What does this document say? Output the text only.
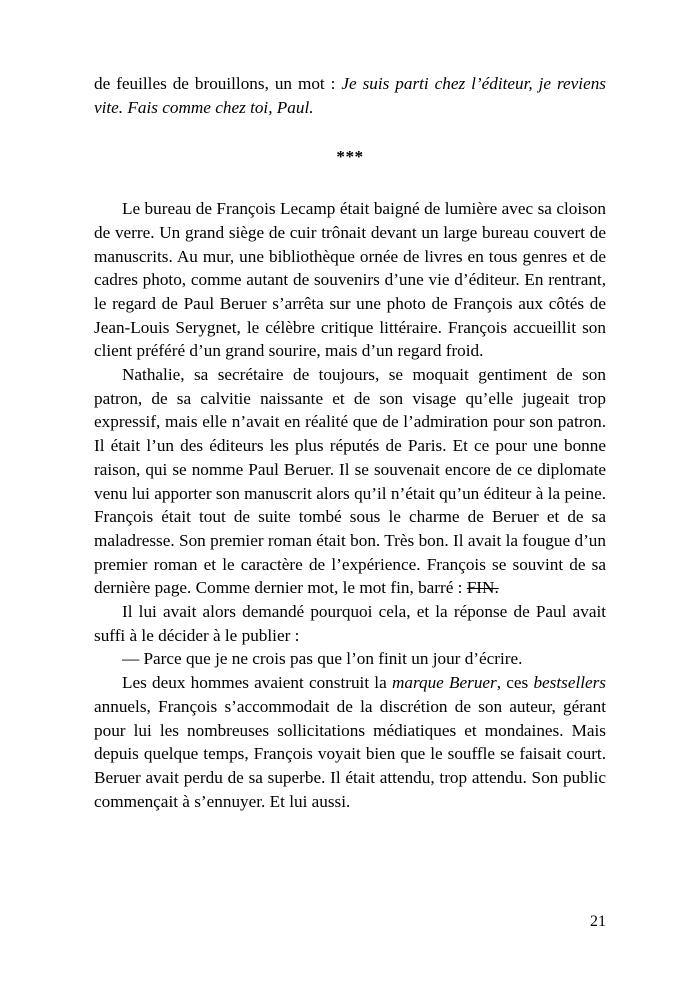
de feuilles de brouillons, un mot : Je suis parti chez l’éditeur, je reviens vite. Fais comme chez toi, Paul.

***

Le bureau de François Lecamp était baigné de lumière avec sa cloison de verre. Un grand siège de cuir trônait devant un large bureau couvert de manuscrits. Au mur, une bibliothèque ornée de livres en tous genres et de cadres photo, comme autant de souvenirs d’une vie d’éditeur. En rentrant, le regard de Paul Beruer s’arrêta sur une photo de François aux côtés de Jean-Louis Serygnet, le célèbre critique littéraire. François accueillit son client préféré d’un grand sourire, mais d’un regard froid.

Nathalie, sa secrétaire de toujours, se moquait gentiment de son patron, de sa calvitie naissante et de son visage qu’elle jugeait trop expressif, mais elle n’avait en réalité que de l’admiration pour son patron. Il était l’un des éditeurs les plus réputés de Paris. Et ce pour une bonne raison, qui se nomme Paul Beruer. Il se souvenait encore de ce diplomate venu lui apporter son manuscrit alors qu’il n’était qu’un éditeur à la peine. François était tout de suite tombé sous le charme de Beruer et de sa maladresse. Son premier roman était bon. Très bon. Il avait la fougue d’un premier roman et le caractère de l’expérience. François se souvint de sa dernière page. Comme dernier mot, le mot fin, barré : FIN.

Il lui avait alors demandé pourquoi cela, et la réponse de Paul avait suffi à le décider à le publier :

— Parce que je ne crois pas que l’on finit un jour d’écrire.

Les deux hommes avaient construit la marque Beruer, ces bestsellers annuels, François s’accommodait de la discrétion de son auteur, gérant pour lui les nombreuses sollicitations médiatiques et mondaines. Mais depuis quelque temps, François voyait bien que le souffle se faisait court. Beruer avait perdu de sa superbe. Il était attendu, trop attendu. Son public commençait à s’ennuyer. Et lui aussi.

21
